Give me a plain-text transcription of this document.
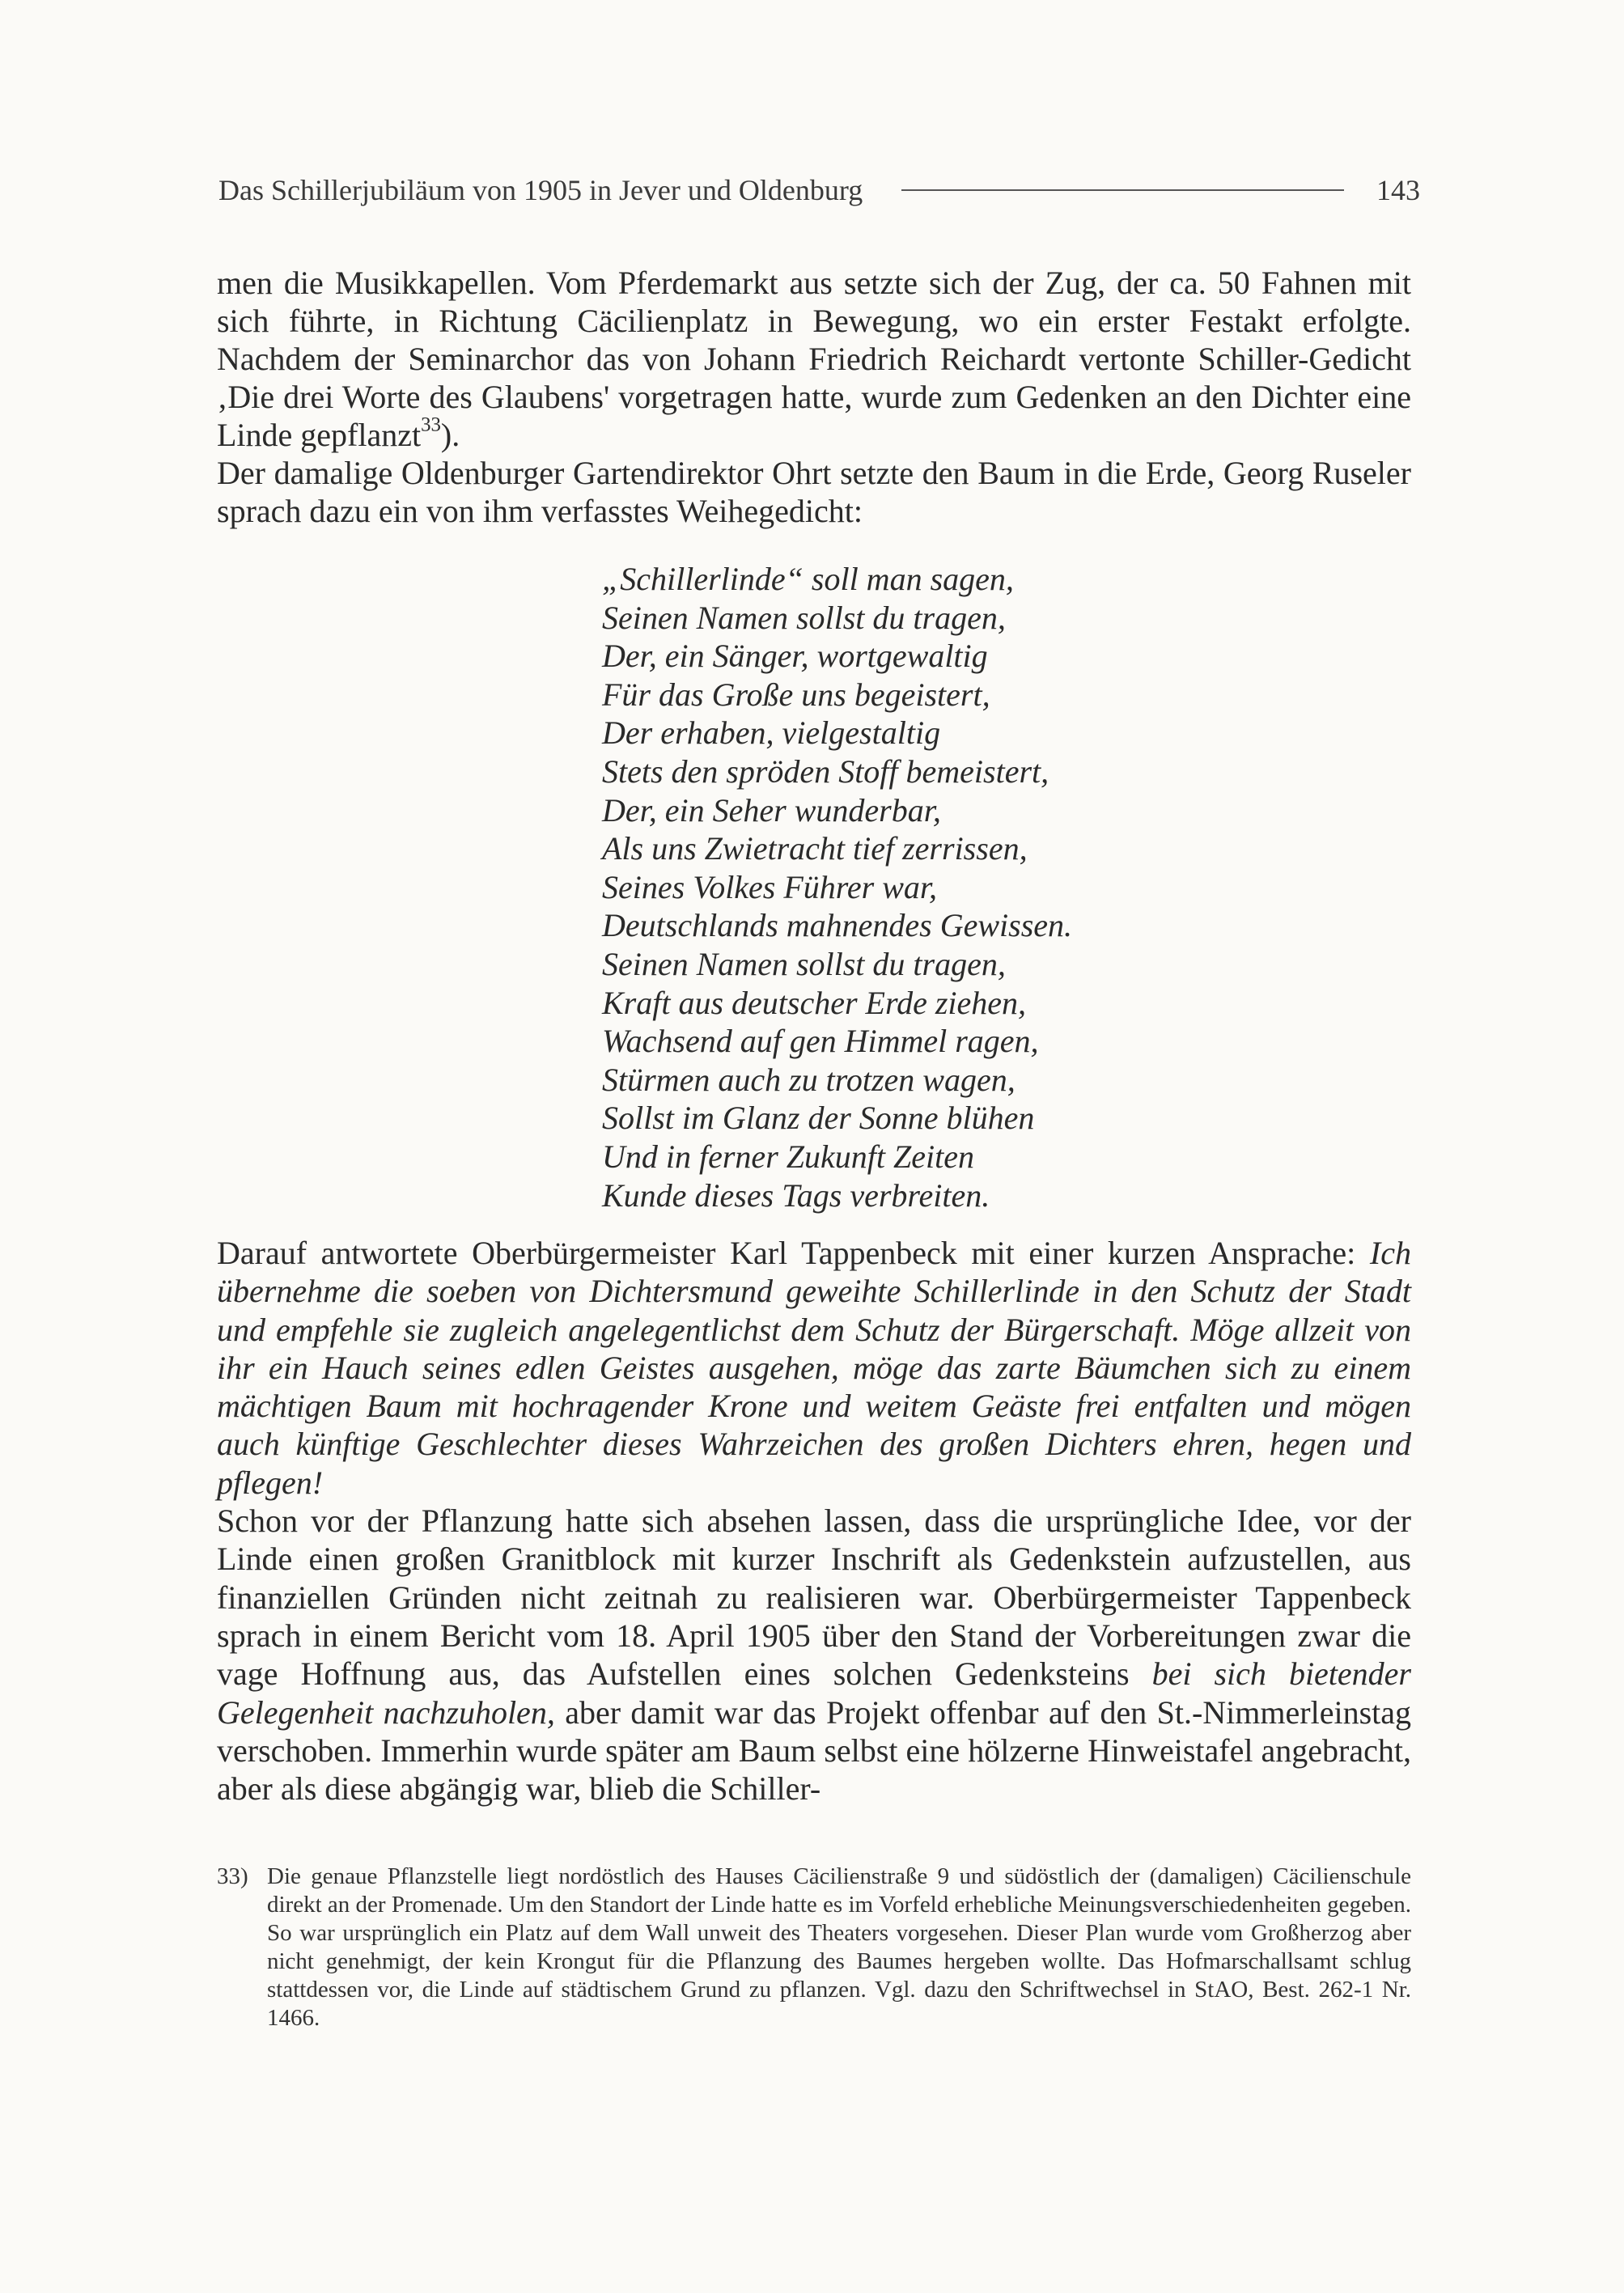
Das Schillerjubiläum von 1905 in Jever und Oldenburg	143

men die Musikkapellen. Vom Pferdemarkt aus setzte sich der Zug, der ca. 50 Fahnen mit sich führte, in Richtung Cäcilienplatz in Bewegung, wo ein erster Festakt erfolgte. Nachdem der Seminarchor das von Johann Friedrich Reichardt vertonte Schiller-Gedicht ‚Die drei Worte des Glaubens' vorgetragen hatte, wurde zum Gedenken an den Dichter eine Linde gepflanzt$^{33}$).

Der damalige Oldenburger Gartendirektor Ohrt setzte den Baum in die Erde, Georg Ruseler sprach dazu ein von ihm verfasstes Weihegedicht:

„Schillerlinde“ soll man sagen,
Seinen Namen sollst du tragen,
Der, ein Sänger, wortgewaltig
Für das Große uns begeistert,
Der erhaben, vielgestaltig
Stets den spröden Stoff bemeistert,
Der, ein Seher wunderbar,
Als uns Zwietracht tief zerrissen,
Seines Volkes Führer war,
Deutschlands mahnendes Gewissen.
Seinen Namen sollst du tragen,
Kraft aus deutscher Erde ziehen,
Wachsend auf gen Himmel ragen,
Stürmen auch zu trotzen wagen,
Sollst im Glanz der Sonne blühen
Und in ferner Zukunft Zeiten
Kunde dieses Tags verbreiten.

Darauf antwortete Oberbürgermeister Karl Tappenbeck mit einer kurzen Ansprache: Ich übernehme die soeben von Dichtersmund geweihte Schillerlinde in den Schutz der Stadt und empfehle sie zugleich angelegentlichst dem Schutz der Bürgerschaft. Möge allzeit von ihr ein Hauch seines edlen Geistes ausgehen, möge das zarte Bäumchen sich zu einem mächtigen Baum mit hochragender Krone und weitem Geäste frei entfalten und mögen auch künftige Geschlechter dieses Wahrzeichen des großen Dichters ehren, hegen und pflegen!

Schon vor der Pflanzung hatte sich absehen lassen, dass die ursprüngliche Idee, vor der Linde einen großen Granitblock mit kurzer Inschrift als Gedenkstein aufzustellen, aus finanziellen Gründen nicht zeitnah zu realisieren war. Oberbürgermeister Tappenbeck sprach in einem Bericht vom 18. April 1905 über den Stand der Vorbereitungen zwar die vage Hoffnung aus, das Aufstellen eines solchen Gedenksteins bei sich bietender Gelegenheit nachzuholen, aber damit war das Projekt offenbar auf den St.-Nimmerleinstag verschoben. Immerhin wurde später am Baum selbst eine hölzerne Hinweistafel angebracht, aber als diese abgängig war, blieb die Schiller-

33) Die genaue Pflanzstelle liegt nordöstlich des Hauses Cäcilienstraße 9 und südöstlich der (damaligen) Cäcilienschule direkt an der Promenade. Um den Standort der Linde hatte es im Vorfeld erhebliche Meinungsverschiedenheiten gegeben. So war ursprünglich ein Platz auf dem Wall unweit des Theaters vorgesehen. Dieser Plan wurde vom Großherzog aber nicht genehmigt, der kein Krongut für die Pflanzung des Baumes hergeben wollte. Das Hofmarschallsamt schlug stattdessen vor, die Linde auf städtischem Grund zu pflanzen. Vgl. dazu den Schriftwechsel in StAO, Best. 262-1 Nr. 1466.
